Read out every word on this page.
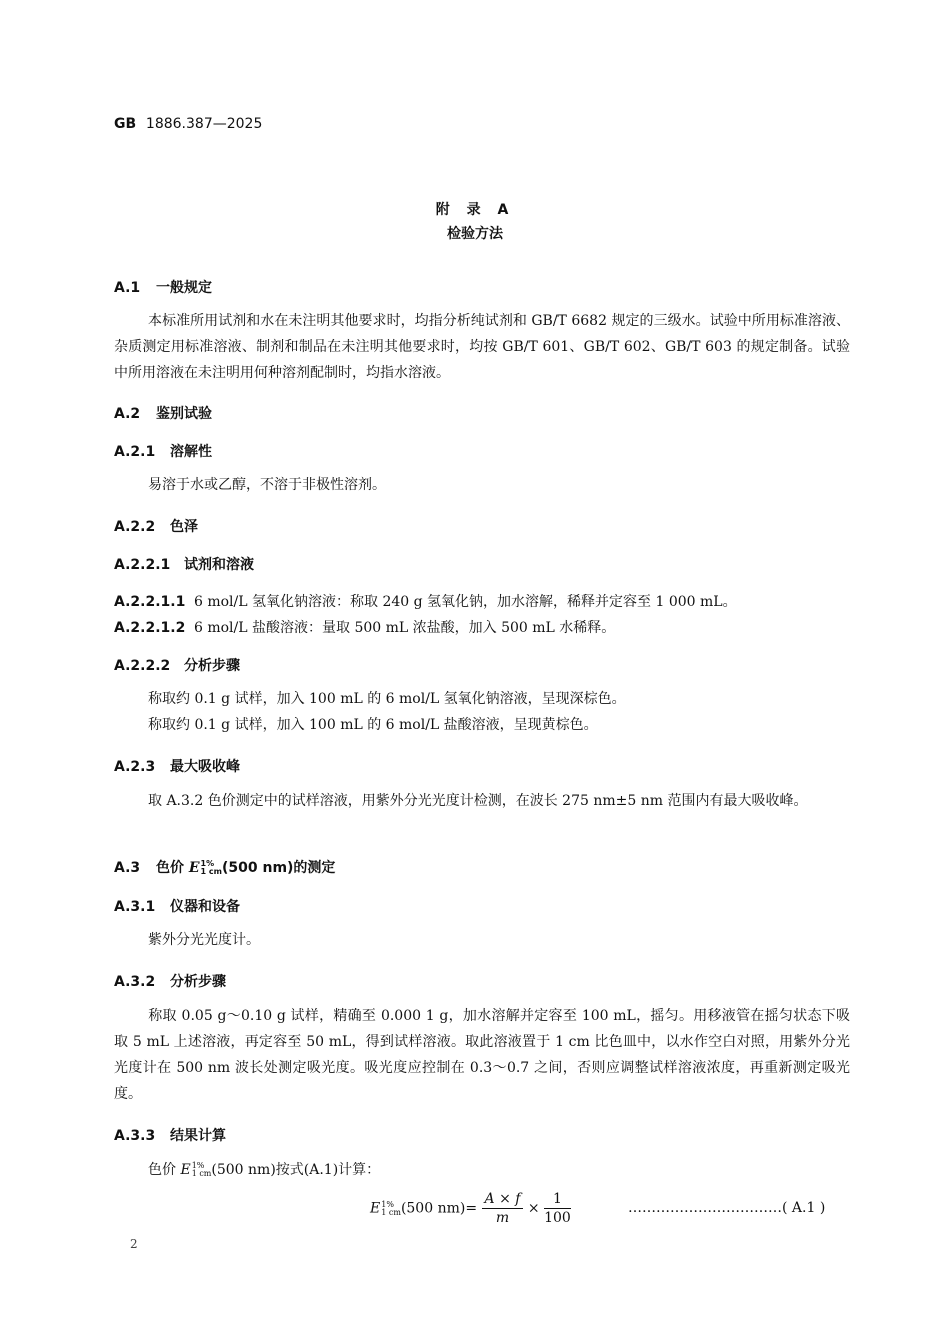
GB 1886.387—2025
附 录 A
检验方法
A.1 一般规定
本标准所用试剂和水在未注明其他要求时，均指分析纯试剂和 GB/T 6682 规定的三级水。试验中所用标准溶液、杂质测定用标准溶液、制剂和制品在未注明其他要求时，均按 GB/T 601、GB/T 602、GB/T 603 的规定制备。试验中所用溶液在未注明用何种溶剂配制时，均指水溶液。
A.2 鉴别试验
A.2.1 溶解性
易溶于水或乙醇，不溶于非极性溶剂。
A.2.2 色泽
A.2.2.1 试剂和溶液
A.2.2.1.1 6 mol/L 氢氧化钠溶液：称取 240 g 氢氧化钠，加水溶解，稀释并定容至 1 000 mL。
A.2.2.1.2 6 mol/L 盐酸溶液：量取 500 mL 浓盐酸，加入 500 mL 水稀释。
A.2.2.2 分析步骤
称取约 0.1 g 试样，加入 100 mL 的 6 mol/L 氢氧化钠溶液，呈现深棕色。
称取约 0.1 g 试样，加入 100 mL 的 6 mol/L 盐酸溶液，呈现黄棕色。
A.2.3 最大吸收峰
取 A.3.2 色价测定中的试样溶液，用紫外分光光度计检测，在波长 275 nm±5 nm 范围内有最大吸收峰。
A.3 色价 E 1%
1 cm (500 nm)的测定
A.3.1 仪器和设备
紫外分光光度计。
A.3.2 分析步骤
称取 0.05 g～0.10 g 试样，精确至 0.000 1 g，加水溶解并定容至 100 mL，摇匀。用移液管在摇匀状态下吸取 5 mL 上述溶液，再定容至 50 mL，得到试样溶液。取此溶液置于 1 cm 比色皿中，以水作空白对照，用紫外分光光度计在 500 nm 波长处测定吸光度。吸光度应控制在 0.3～0.7 之间，否则应调整试样溶液浓度，再重新测定吸光度。
A.3.3 结果计算
色价 E 1%
1 cm (500 nm)按式(A.1)计算：
E 1%
1 cm (500 $nm)= \frac{A \times f}{m} \times \frac{1}{100}$	……………………………( A.1 )
2
